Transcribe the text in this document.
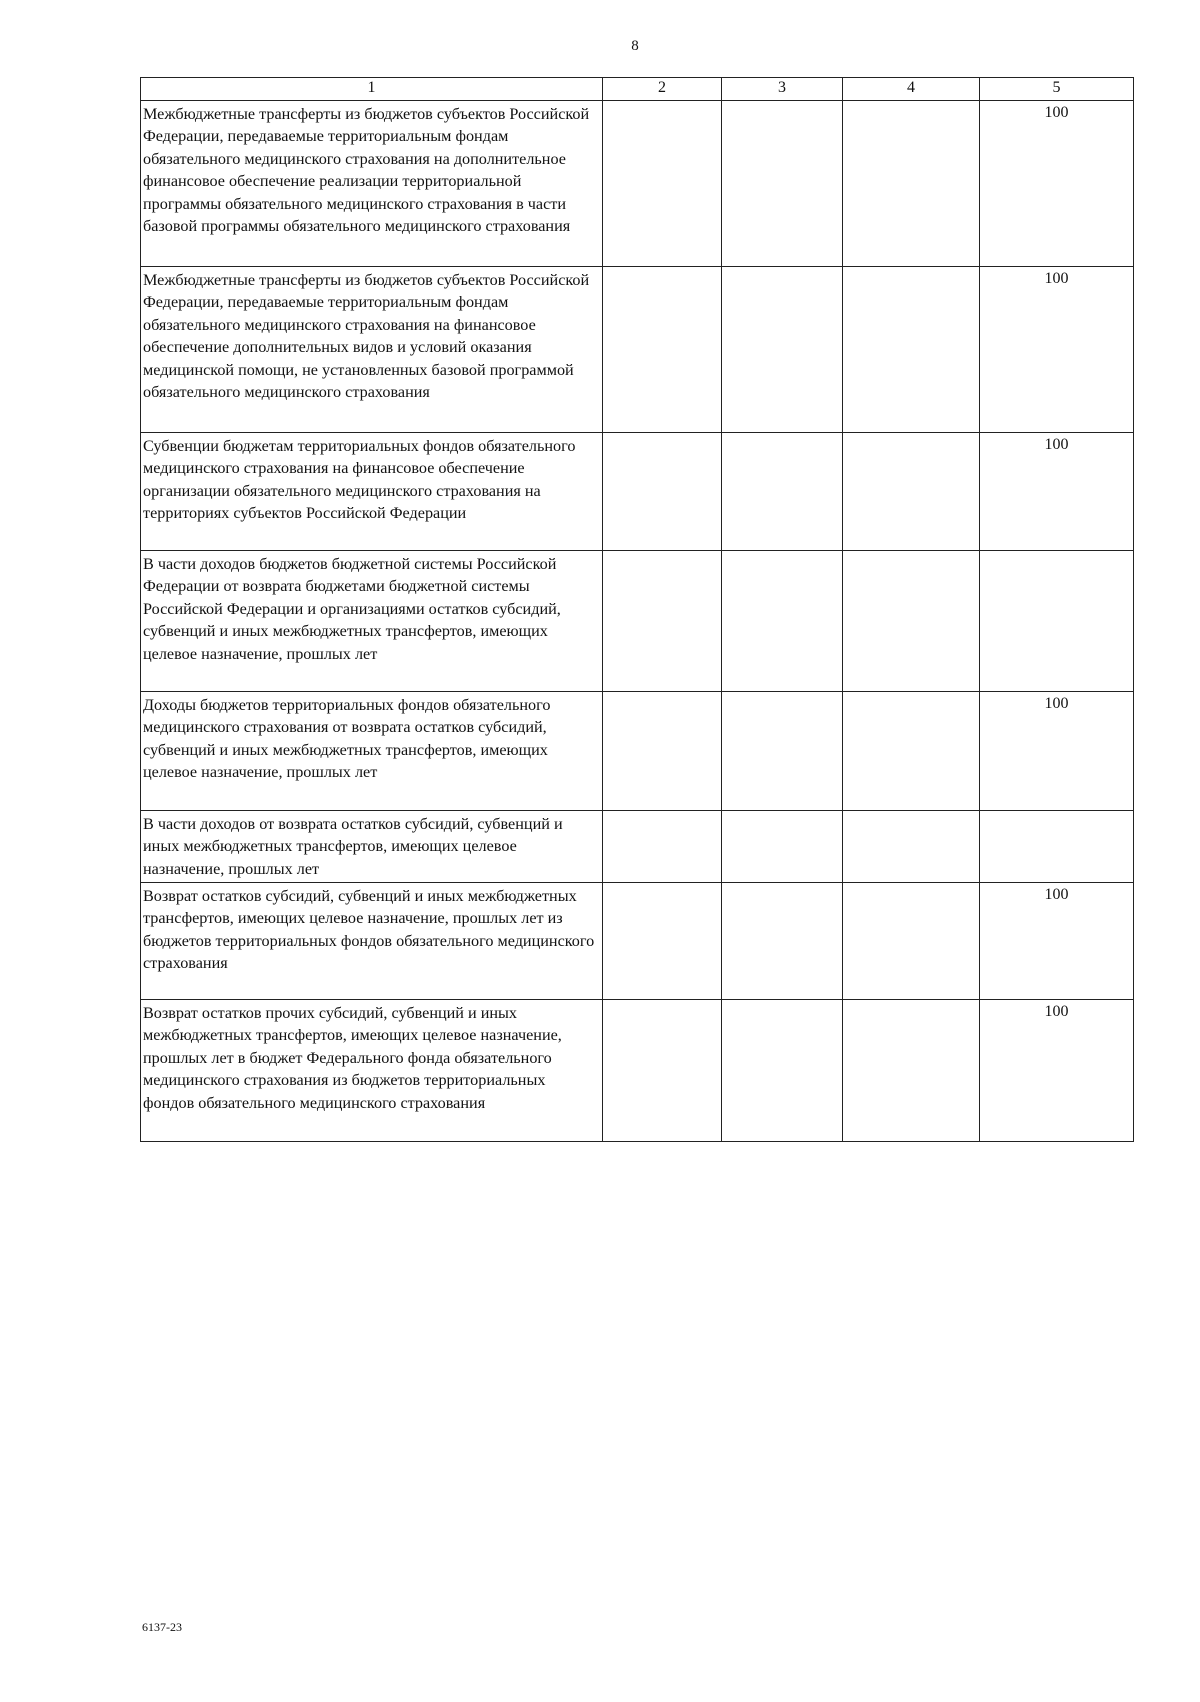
8
1	2	3	4	5
Межбюджетные трансферты из бюджетов субъектов Российской Федерации, передаваемые территориальным фондам обязательного медицинского страхования на дополнительное финансовое обеспечение реализации территориальной программы обязательного медицинского страхования в части базовой программы обязательного медицинского страхования				100
Межбюджетные трансферты из бюджетов субъектов Российской Федерации, передаваемые территориальным фондам обязательного медицинского страхования на финансовое обеспечение дополнительных видов и условий оказания медицинской помощи, не установленных базовой программой обязательного медицинского страхования				100
Субвенции бюджетам территориальных фондов обязательного медицинского страхования на финансовое обеспечение организации обязательного медицинского страхования на территориях субъектов Российской Федерации				100
В части доходов бюджетов бюджетной системы Российской Федерации от возврата бюджетами бюджетной системы Российской Федерации и организациями остатков субсидий, субвенций и иных межбюджетных трансфертов, имеющих целевое назначение, прошлых лет				
Доходы бюджетов территориальных фондов обязательного медицинского страхования от возврата остатков субсидий, субвенций и иных межбюджетных трансфертов, имеющих целевое назначение, прошлых лет				100
В части доходов от возврата остатков субсидий, субвенций и иных межбюджетных трансфертов, имеющих целевое назначение, прошлых лет				
Возврат остатков субсидий, субвенций и иных межбюджетных трансфертов, имеющих целевое назначение, прошлых лет из бюджетов территориальных фондов обязательного медицинского страхования				100
Возврат остатков прочих субсидий, субвенций и иных межбюджетных трансфертов, имеющих целевое назначение, прошлых лет в бюджет Федерального фонда обязательного медицинского страхования из бюджетов территориальных фондов обязательного медицинского страхования				100
6137-23
